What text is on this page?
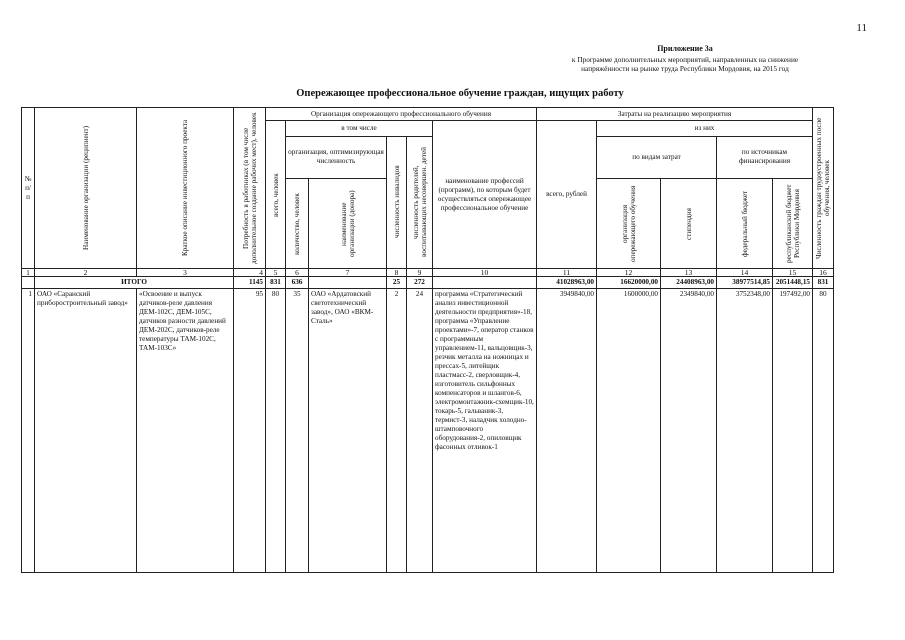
11
Приложение 3а
к Программе дополнительных мероприятий, направленных на снижение
напряжённости на рынке труда Республики Мордовия, на 2015 год
Опережающее профессиональное обучение граждан, ищущих работу
№ п/п	Наименование организации (реципиент)	Краткое описание инвестиционного проекта	Потребность в работниках (в том числе дополнительное создание рабочих мест), человек	Организация опережающего профессионального обучения						Затраты на реализацию мероприятия					Численность граждан трудоустроенных после обучения, человек

				всего, человек	в том числе				наименование профессий (программ), по которым будет осуществляться опережающее профессиональное обучение	всего, рублей	из них				
					организация, оптимизирующая численность		численность инвалидов	численность родителей, воспитывающих несовершен. детей			по видам затрат		по источникам финансирования		

					количество, человек	наименование организации (донора)					организация опережающего обучения	стипендия	федеральный бюджет	республиканский бюджет Республики Мордовия	

1	2	3	4	5	6	7	8	9	10	11	12	13	14	15	16
	ИТОГО		1145	831	636		25	272		41028963,00	16620000,00	24408963,00	38977514,85	2051448,15	831
1	ОАО «Саранский приборостроительный завод»	«Освоение и выпуск датчиков-реле давления ДЕМ-102С, ДЕМ-105С, датчиков разности давлений ДЕМ-202С, датчиков-реле температуры ТАМ-102С, ТАМ-103С»	95	80	35	ОАО «Ардатовский светотехнический завод», ОАО «ВКМ-Сталь»	2	24	программа «Стратегический анализ инвестиционной деятельности предприятия»-18, программа «Управление проектами»-7, оператор станков с программным управлением-11, вальцовщик-3, резчик металла на ножницах и прессах-5, литейщик пластмасс-2, сверловщик-4, изготовитель сильфонных компенсаторов и шлангов-6, электромонтажник-схемщик-10, токарь-5, гальваник-3, термист-3, наладчик холодно-штамповочного оборудования-2, опиловщик фасонных отливок-1	3949840,00	1600000,00	2349840,00	3752348,00	197492,00	80
